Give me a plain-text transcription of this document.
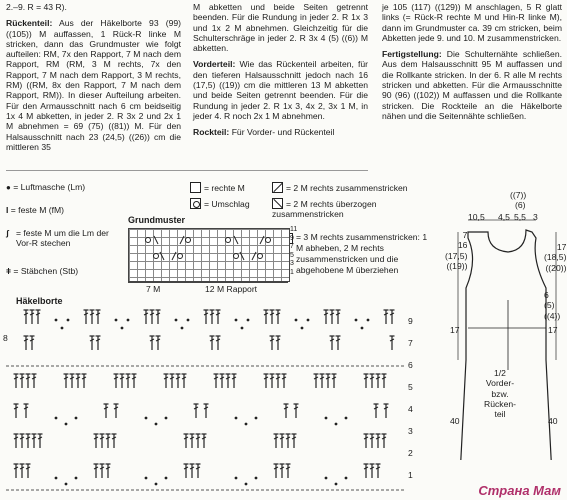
2.–9. R = 43 R).

Rückenteil: Aus der Häkelborte 93 (99) ((105)) M auffassen, 1 Rück-R linke M stricken, dann das Grundmuster wie folgt aufteilen: RM, 7x den Rapport, 7 M nach dem Rapport, RM (RM, 3 M rechts, 7x den Rapport, 7 M nach dem Rapport, 3 M rechts, RM) ((RM, 8x den Rapport, 7 M nach dem Rapport, RM)). In dieser Aufteilung arbeiten. Für den Armausschnitt nach 6 cm beidseitig 1x 4 M abketten, in jeder 2. R 3x 2 und 2x 1 M abnehmen = 69 (75) ((81)) M. Für den Halsausschnitt nach 23 (24,5) ((26)) cm die mittleren 35

M abketten und beide Seiten getrennt beenden. Für die Rundung in jeder 2. R 1x 3 und 1x 2 M abnehmen. Gleichzeitig für die Schulterschräge in jeder 2. R 3x 4 (5) ((6)) M abketten.

Vorderteil: Wie das Rückenteil arbeiten, für den tieferen Halsausschnitt jedoch nach 16 (17,5) ((19)) cm die mittleren 13 M abketten und beide Seiten getrennt beenden. Für die Rundung in jeder 2. R 1x 3, 4x 2, 3x 1 M, in jeder 4. R noch 2x 1 M abnehmen.

Rockteil: Für Vorder- und Rückenteil

je 105 (117) ((129)) M anschlagen, 5 R glatt links (= Rück-R rechte M und Hin-R linke M), dann im Grundmuster ca. 39 cm stricken, beim Abketten jede 9. und 10. M zusammenstricken.

Fertigstellung: Die Schulternähte schließen. Aus dem Halsausschnitt 95 M auffassen und die Rollkante stricken. In der 6. R alle M rechts stricken und abketten. Für die Armausschnitte 90 (96) ((102)) M auffassen und die Rollkante stricken. Die Rockteile an die Häkelborte nähen und die Seitennähte schließen.

● = Luftmasche (Lm)
I = feste M (fM)
ʃ = feste M um die Lm der Vor-R stechen
ǂ = Stäbchen (Stb)
= rechte M
= Umschlag
= 2 M rechts zusammenstricken
= 2 M rechts überzogen zusammenstricken
= 3 M rechts zusammenstricken: 1 M abheben, 2 M rechts zusammenstricken und die abgehobene M überziehen
Grundmuster
11
9
7
5
3
1
7 M	12 M Rapport
Häkelborte
8
9
7
6
5
4
3
2
1
((7))
(6)
10,5 4,5 5,5 3
17
(18,5)
((20))
6
(5)
((4))
7
16
(17,5)
((19))
17	17
40	40
1/2
Vorder-
bzw.
Rücken-
teil
Страна Мам
